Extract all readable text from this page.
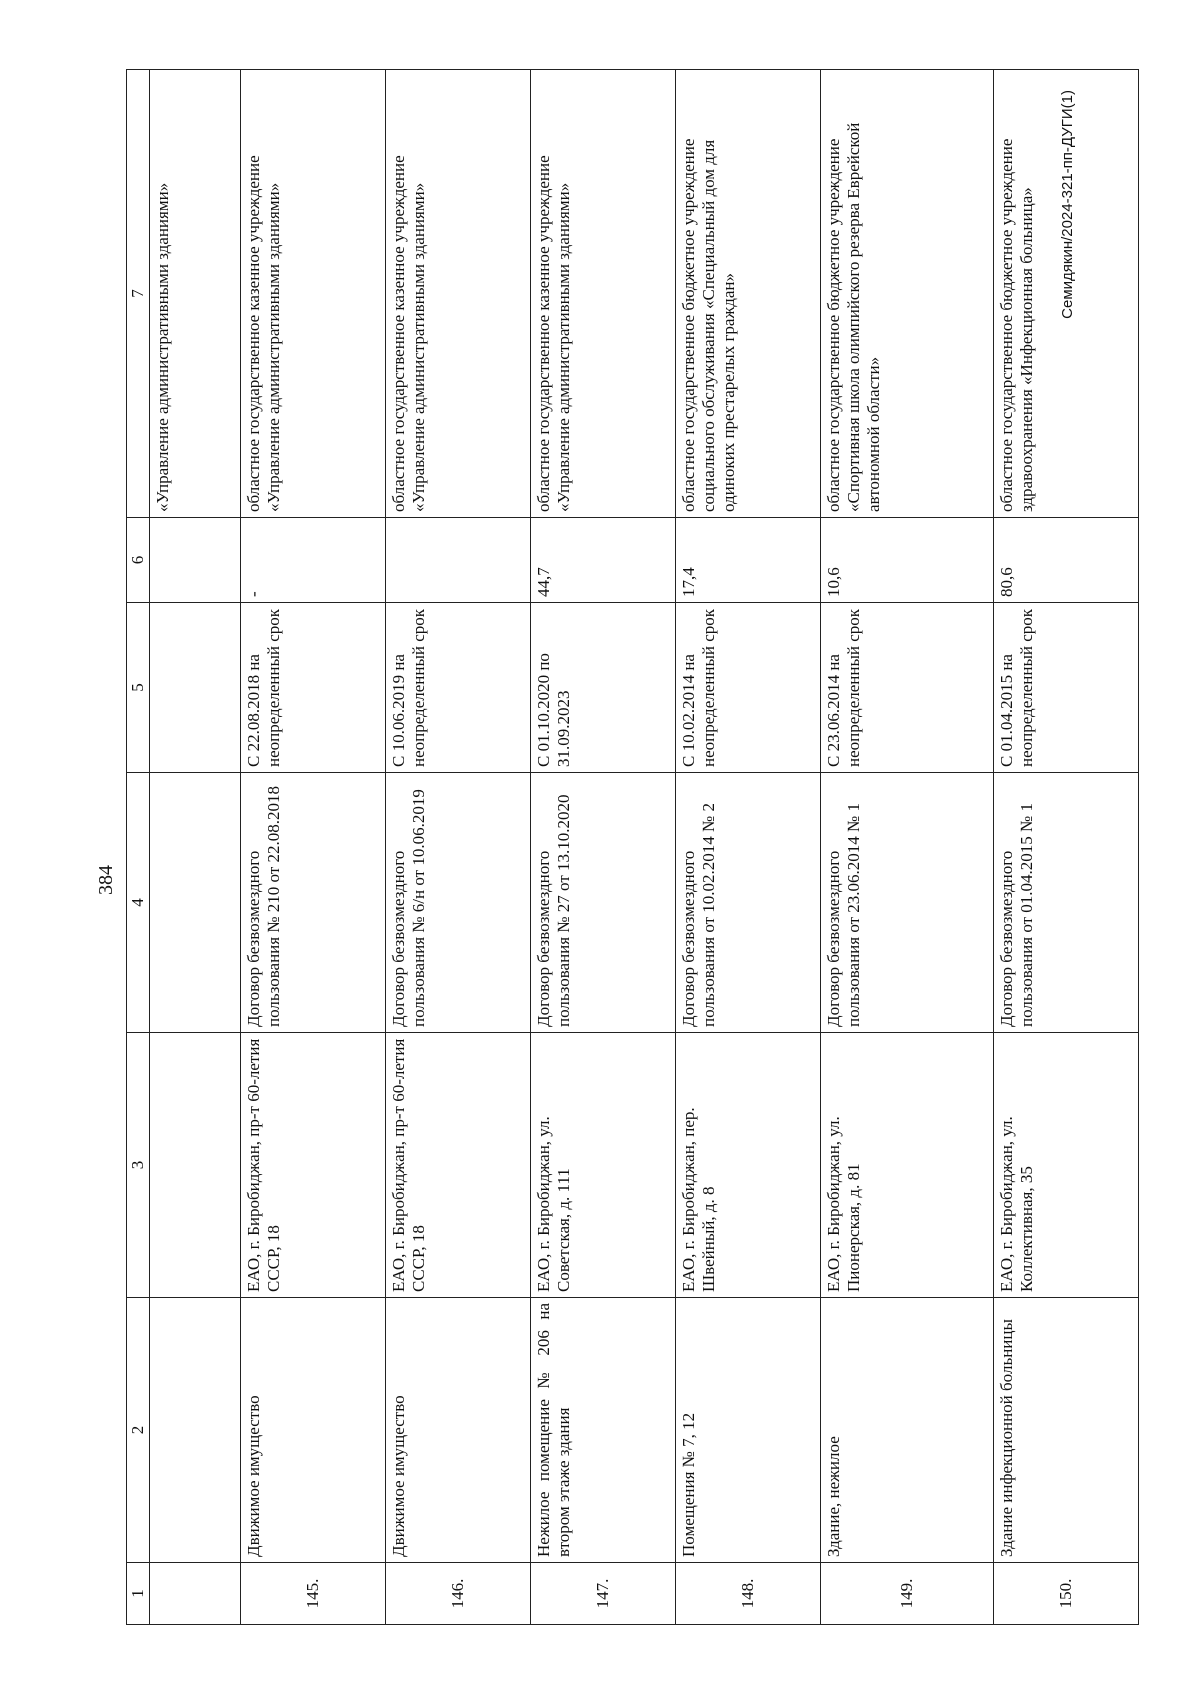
384
1	2	3	4	5	6	7
						«Управление административными зданиями»
145.	Движимое имущество	ЕАО, г. Биробиджан, пр-т 60-летия СССР, 18	Договор безвозмездного пользования № 210 от 22.08.2018	С 22.08.2018 на неопределенный срок	-	областное государственное казенное учреждение «Управление административными зданиями»
146.	Движимое имущество	ЕАО, г. Биробиджан, пр-т 60-летия СССР, 18	Договор безвозмездного пользования № 6/н от 10.06.2019	С 10.06.2019 на неопределенный срок		областное государственное казенное учреждение «Управление административными зданиями»
147.	Нежилое помещение № 206 на втором этаже здания	ЕАО, г. Биробиджан, ул. Советская, д. 111	Договор безвозмездного пользования № 27 от 13.10.2020	С 01.10.2020 по 31.09.2023	44,7	областное государственное казенное учреждение «Управление административными зданиями»
148.	Помещения № 7, 12	ЕАО, г. Биробиджан, пер. Швейный, д. 8	Договор безвозмездного пользования от 10.02.2014 № 2	С 10.02.2014 на неопределенный срок	17,4	областное государственное бюджетное учреждение социального обслуживания «Специальный дом для одиноких престарелых граждан»
149.	Здание, нежилое	ЕАО, г. Биробиджан, ул. Пионерская, д. 81	Договор безвозмездного пользования от 23.06.2014 № 1	С 23.06.2014 на неопределенный срок	10,6	областное государственное бюджетное учреждение «Спортивная школа олимпийского резерва Еврейской автономной области»
150.	Здание инфекционной больницы	ЕАО, г. Биробиджан, ул. Коллективная, 35	Договор безвозмездного пользования от 01.04.2015 № 1	С 01.04.2015 на неопределенный срок	80,6	областное государственное бюджетное учреждение здравоохранения «Инфекционная больница» Семидякин/2024-321-пп-ДУГИ(1)
